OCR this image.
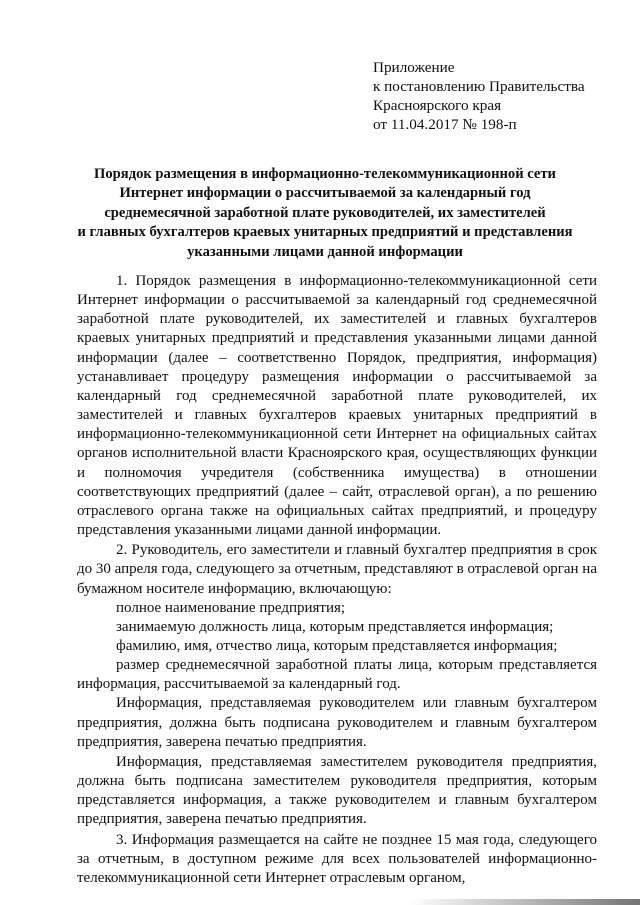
Приложение
к постановлению Правительства
Красноярского края
от 11.04.2017 № 198-п
Порядок размещения в информационно-телекоммуникационной сети
Интернет информации о рассчитываемой за календарный год
среднемесячной заработной плате руководителей, их заместителей
и главных бухгалтеров краевых унитарных предприятий и представления
указанными лицами данной информации

1. Порядок размещения в информационно-телекоммуникационной сети Интернет информации о рассчитываемой за календарный год среднемесячной заработной плате руководителей, их заместителей и главных бухгалтеров краевых унитарных предприятий и представления указанными лицами данной информации (далее – соответственно Порядок, предприятия, информация) устанавливает процедуру размещения информации о рассчитываемой за календарный год среднемесячной заработной плате руководителей, их заместителей и главных бухгалтеров краевых унитарных предприятий в информационно-телекоммуникационной сети Интернет на официальных сайтах органов исполнительной власти Красноярского края, осуществляющих функции и полномочия учредителя (собственника имущества) в отношении соответствующих предприятий (далее – сайт, отраслевой орган), а по решению отраслевого органа также на официальных сайтах предприятий, и процедуру представления указанными лицами данной информации.

2. Руководитель, его заместители и главный бухгалтер предприятия в срок до 30 апреля года, следующего за отчетным, представляют в отраслевой орган на бумажном носителе информацию, включающую:

полное наименование предприятия;

занимаемую должность лица, которым представляется информация;

фамилию, имя, отчество лица, которым представляется информация;

размер среднемесячной заработной платы лица, которым представляется информация, рассчитываемой за календарный год.

Информация, представляемая руководителем или главным бухгалтером предприятия, должна быть подписана руководителем и главным бухгалтером предприятия, заверена печатью предприятия.

Информация, представляемая заместителем руководителя предприятия, должна быть подписана заместителем руководителя предприятия, которым представляется информация, а также руководителем и главным бухгалтером предприятия, заверена печатью предприятия.

3. Информация размещается на сайте не позднее 15 мая года, следующего за отчетным, в доступном режиме для всех пользователей информационно-телекоммуникационной сети Интернет отраслевым органом,
